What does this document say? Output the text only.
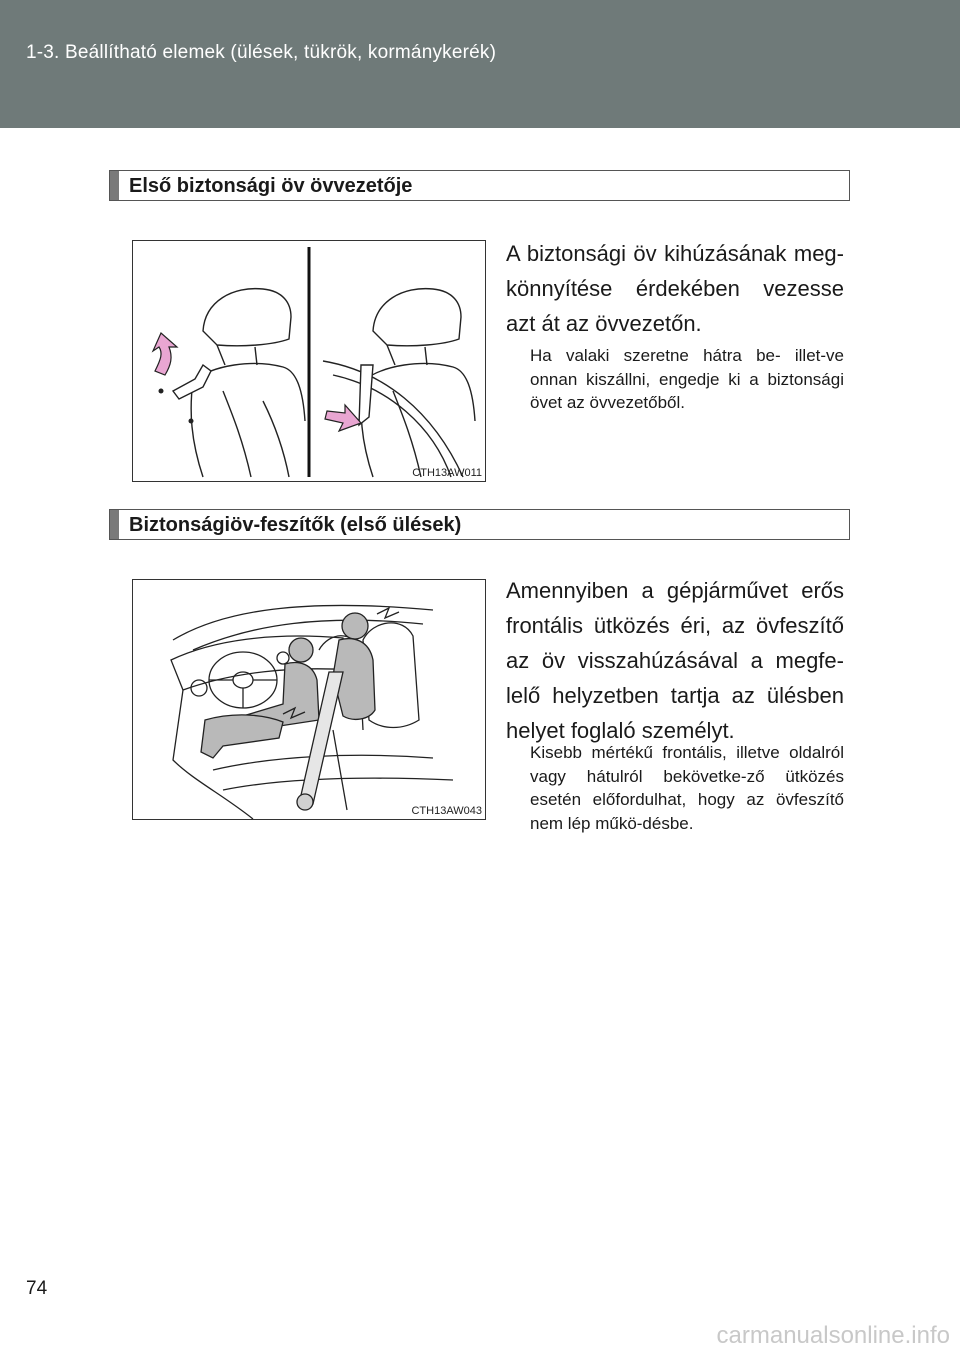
1-3. Beállítható elemek (ülések, tükrök, kormánykerék)
Első biztonsági öv övvezetője
CTH13AW011
A biztonsági öv kihúzásának meg-könnyítése érdekében vezesse azt át az övvezetőn.
Ha valaki szeretne hátra be- illet-ve onnan kiszállni, engedje ki a biztonsági övet az övvezetőből.
Biztonságiöv-feszítők (első ülések)
CTH13AW043
Amennyiben a gépjárművet erős frontális ütközés éri, az övfeszítő az öv visszahúzásával a megfe-lelő helyzetben tartja az ülésben helyet foglaló személyt.
Kisebb mértékű frontális, illetve oldalról vagy hátulról bekövetke-ző ütközés esetén előfordulhat, hogy az övfeszítő nem lép műkö-désbe.
74
carmanualsonline.info
